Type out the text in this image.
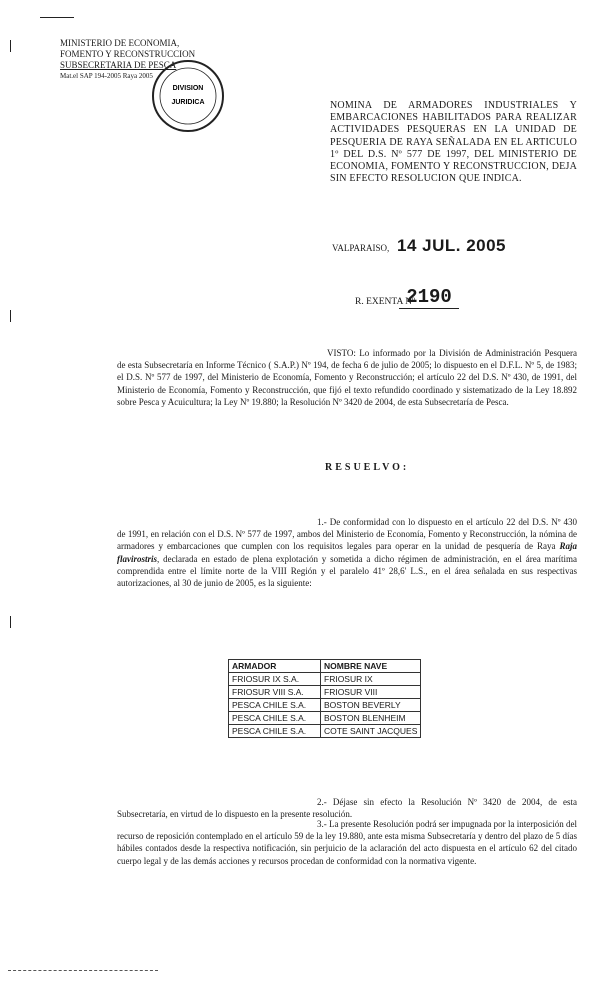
MINISTERIO DE ECONOMIA,
FOMENTO Y RECONSTRUCCION
SUBSECRETARIA DE PESCA
Mat.el SAP 194-2005 Raya 2005
DIVISION
JURIDICA	NOMINA DE ARMADORES INDUSTRIALES Y EMBARCACIONES HABILITADOS PARA REALIZAR ACTIVIDADES PESQUERAS EN LA UNIDAD DE PESQUERIA DE RAYA SEÑALADA EN EL ARTICULO 1º DEL D.S. Nº 577 DE 1997, DEL MINISTERIO DE ECONOMIA, FOMENTO Y RECONSTRUCCION, DEJA SIN EFECTO RESOLUCION QUE INDICA.
VALPARAISO, 14 JUL. 2005
R. EXENTA Nº
2190
VISTO: Lo informado por la División de Administración Pesquera de esta Subsecretaría en Informe Técnico ( S.A.P.) Nº 194, de fecha 6 de julio de 2005; lo dispuesto en el D.F.L. Nº 5, de 1983; el D.S. Nº 577 de 1997, del Ministerio de Economía, Fomento y Reconstrucción; el artículo 22 del D.S. Nº 430, de 1991, del Ministerio de Economía, Fomento y Reconstrucción, que fijó el texto refundido coordinado y sistematizado de la Ley 18.892 sobre Pesca y Acuicultura; la Ley Nº 19.880; la Resolución Nº 3420 de 2004, de esta Subsecretaría de Pesca.
RESUELVO:
1.- De conformidad con lo dispuesto en el artículo 22 del D.S. Nº 430 de 1991, en relación con el D.S. Nº 577 de 1997, ambos del Ministerio de Economía, Fomento y Reconstrucción, la nómina de armadores y embarcaciones que cumplen con los requisitos legales para operar en la unidad de pesquería de Raya Raja flavirostris, declarada en estado de plena explotación y sometida a dicho régimen de administración, en el área marítima comprendida entre el límite norte de la VIII Región y el paralelo 41º 28,6' L.S., en el área señalada en sus respectivas autorizaciones, al 30 de junio de 2005, es la siguiente:
ARMADOR	NOMBRE NAVE
FRIOSUR IX S.A.	FRIOSUR IX
FRIOSUR VIII S.A.	FRIOSUR VIII
PESCA CHILE S.A.	BOSTON BEVERLY
PESCA CHILE S.A.	BOSTON BLENHEIM
PESCA CHILE S.A.	COTE SAINT JACQUES
2.- Déjase sin efecto la Resolución Nº 3420 de 2004, de esta Subsecretaría, en virtud de lo dispuesto en la presente resolución.
3.- La presente Resolución podrá ser impugnada por la interposición del recurso de reposición contemplado en el artículo 59 de la ley 19.880, ante esta misma Subsecretaría y dentro del plazo de 5 días hábiles contados desde la respectiva notificación, sin perjuicio de la aclaración del acto dispuesta en el artículo 62 del citado cuerpo legal y de las demás acciones y recursos procedan de conformidad con la normativa vigente.
